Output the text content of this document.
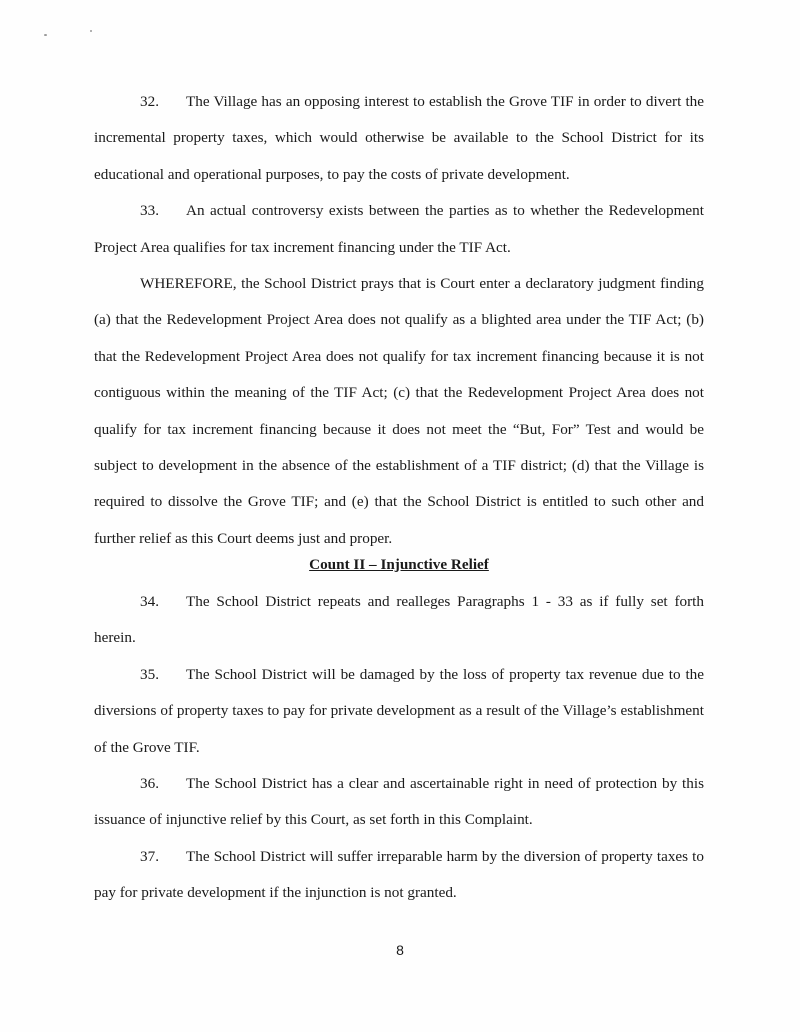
32. The Village has an opposing interest to establish the Grove TIF in order to divert the incremental property taxes, which would otherwise be available to the School District for its educational and operational purposes, to pay the costs of private development.

33. An actual controversy exists between the parties as to whether the Redevelopment Project Area qualifies for tax increment financing under the TIF Act.

WHEREFORE, the School District prays that is Court enter a declaratory judgment finding (a) that the Redevelopment Project Area does not qualify as a blighted area under the TIF Act; (b) that the Redevelopment Project Area does not qualify for tax increment financing because it is not contiguous within the meaning of the TIF Act; (c) that the Redevelopment Project Area does not qualify for tax increment financing because it does not meet the “But, For” Test and would be subject to development in the absence of the establishment of a TIF district; (d) that the Village is required to dissolve the Grove TIF; and (e) that the School District is entitled to such other and further relief as this Court deems just and proper.

Count II – Injunctive Relief

34. The School District repeats and realleges Paragraphs 1 - 33 as if fully set forth herein.

35. The School District will be damaged by the loss of property tax revenue due to the diversions of property taxes to pay for private development as a result of the Village’s establishment of the Grove TIF.

36. The School District has a clear and ascertainable right in need of protection by this issuance of injunctive relief by this Court, as set forth in this Complaint.

37. The School District will suffer irreparable harm by the diversion of property taxes to pay for private development if the injunction is not granted.

8
